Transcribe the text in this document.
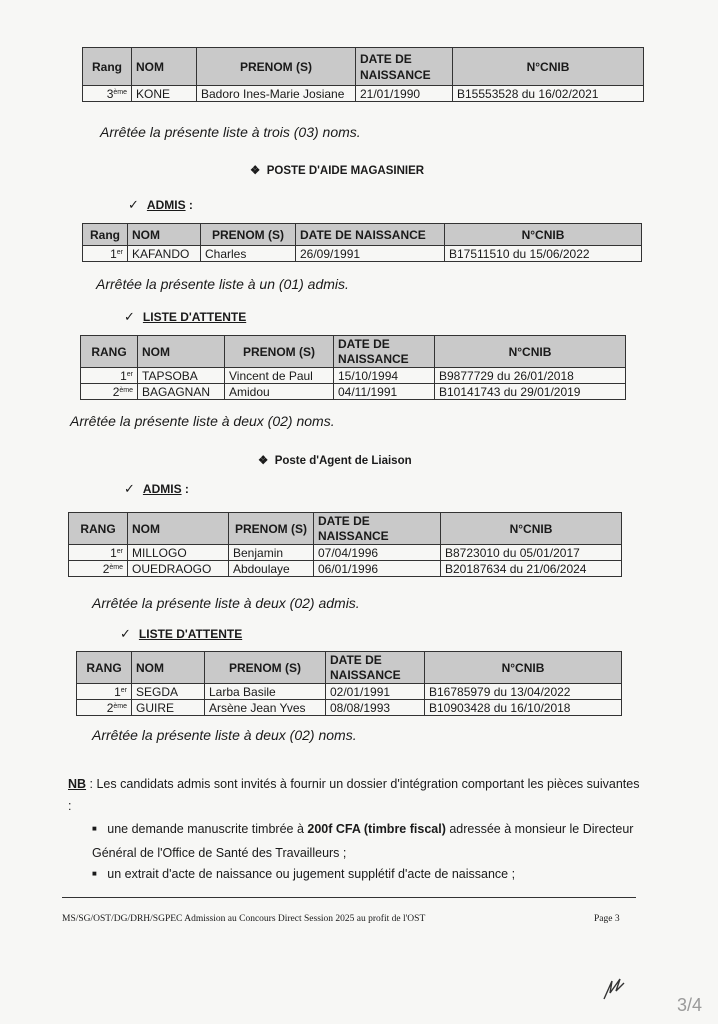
Rang	NOM	PRENOM (S)	DATE DE NAISSANCE	N°CNIB
3ème	KONE	Badoro Ines-Marie Josiane	21/01/1990	B15553528 du 16/02/2021
Arrêtée la présente liste à trois (03) noms.
❖ POSTE D'AIDE MAGASINIER
✓ ADMIS :
Rang	NOM	PRENOM (S)	DATE DE NAISSANCE	N°CNIB
1er	KAFANDO	Charles	26/09/1991	B17511510 du 15/06/2022
Arrêtée la présente liste à un (01) admis.
✓ LISTE D'ATTENTE
RANG	NOM	PRENOM (S)	DATE DE NAISSANCE	N°CNIB
1er	TAPSOBA	Vincent de Paul	15/10/1994	B9877729 du 26/01/2018
2ème	BAGAGNAN	Amidou	04/11/1991	B10141743 du 29/01/2019
Arrêtée la présente liste à deux (02) noms.
❖ Poste d'Agent de Liaison
✓ ADMIS :
RANG	NOM	PRENOM (S)	DATE DE NAISSANCE	N°CNIB
1er	MILLOGO	Benjamin	07/04/1996	B8723010 du 05/01/2017
2ème	OUEDRAOGO	Abdoulaye	06/01/1996	B20187634 du 21/06/2024
Arrêtée la présente liste à deux (02) admis.
✓ LISTE D'ATTENTE
RANG	NOM	PRENOM (S)	DATE DE NAISSANCE	N°CNIB
1er	SEGDA	Larba Basile	02/01/1991	B16785979 du 13/04/2022
2ème	GUIRE	Arsène Jean Yves	08/08/1993	B10903428 du 16/10/2018
Arrêtée la présente liste à deux (02) noms.
NB : Les candidats admis sont invités à fournir un dossier d'intégration comportant les pièces suivantes :
■ une demande manuscrite timbrée à 200f CFA (timbre fiscal) adressée à monsieur le Directeur Général de l'Office de Santé des Travailleurs ;
■ un extrait d'acte de naissance ou jugement supplétif d'acte de naissance ;
MS/SG/OST/DG/DRH/SGPEC Admission au Concours Direct Session 2025 au profit de l'OST	Page 3
3/4
